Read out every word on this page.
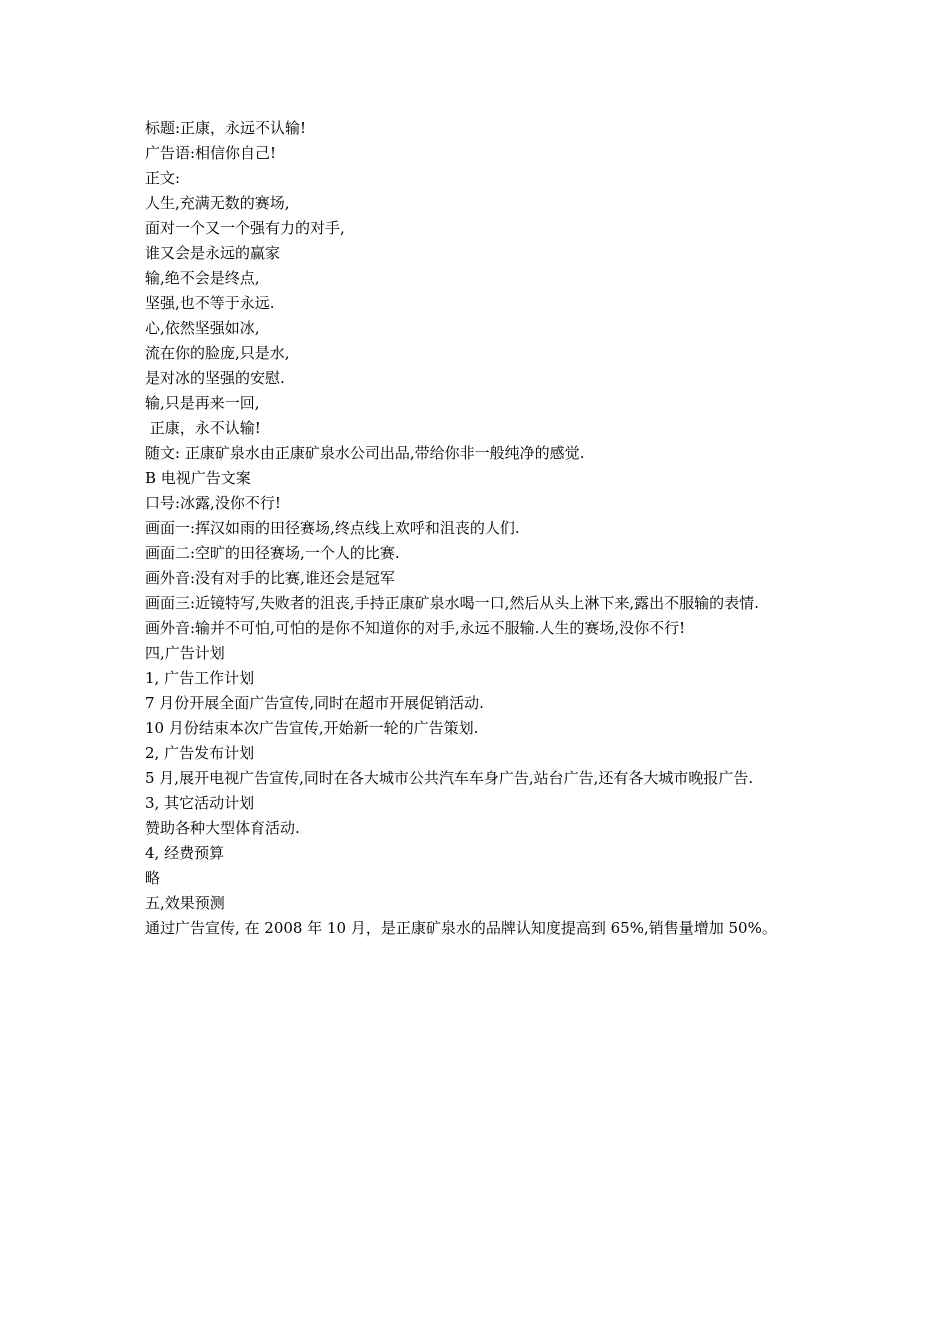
标题:正康，永远不认输!

广告语:相信你自己!

正文:

人生,充满无数的赛场,

面对一个又一个强有力的对手,

谁又会是永远的赢家

输,绝不会是终点,

坚强,也不等于永远.

心,依然坚强如冰,

流在你的脸庞,只是水,

是对冰的坚强的安慰.

输,只是再来一回,

正康，永不认输!

随文: 正康矿泉水由正康矿泉水公司出品,带给你非一般纯净的感觉.

B 电视广告文案

口号:冰露,没你不行!

画面一:挥汉如雨的田径赛场,终点线上欢呼和沮丧的人们.

画面二:空旷的田径赛场,一个人的比赛.

画外音:没有对手的比赛,谁还会是冠军

画面三:近镜特写,失败者的沮丧,手持正康矿泉水喝一口,然后从头上淋下来,露出不服输的表情.

画外音:输并不可怕,可怕的是你不知道你的对手,永远不服输.人生的赛场,没你不行!

四,广告计划

1, 广告工作计划

7 月份开展全面广告宣传,同时在超市开展促销活动.

10 月份结束本次广告宣传,开始新一轮的广告策划.

2, 广告发布计划

5 月,展开电视广告宣传,同时在各大城市公共汽车车身广告,站台广告,还有各大城市晚报广告.

3, 其它活动计划

赞助各种大型体育活动.

4, 经费预算

略

五,效果预测

通过广告宣传, 在 2008 年 10 月，是正康矿泉水的品牌认知度提高到 65%,销售量增加 50%。
